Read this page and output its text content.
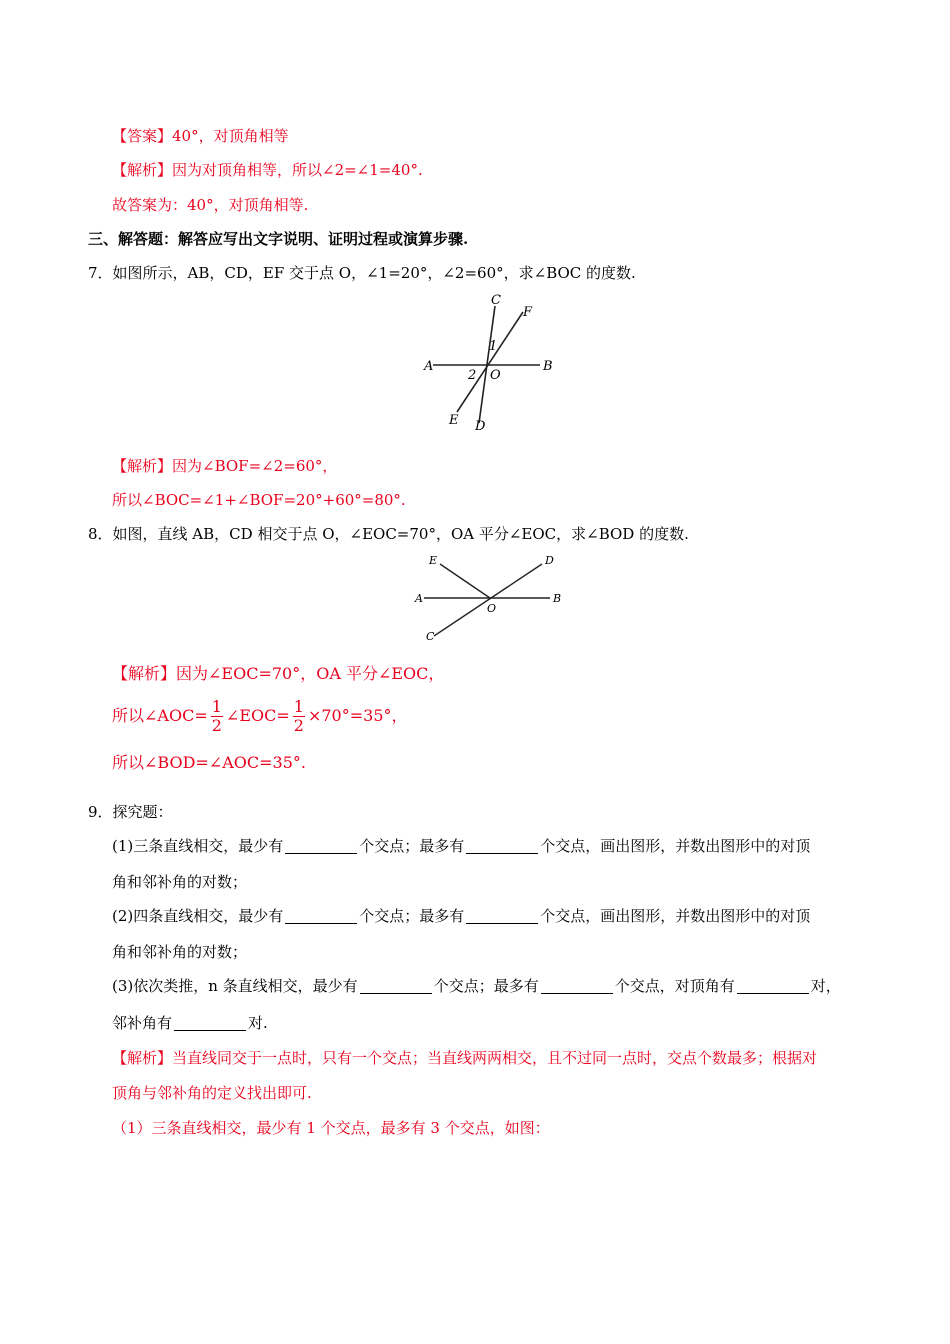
【答案】40°，对顶角相等
【解析】因为对顶角相等，所以∠2=∠1=40°.
故答案为：40°，对顶角相等.
三、解答题：解答应写出文字说明、证明过程或演算步骤.
7．如图所示，AB，CD，EF 交于点 O，∠1=20°，∠2=60°，求∠BOC 的度数.
C
F
A	B
O
1
2
E D
【解析】因为∠BOF=∠2=60°，
所以∠BOC=∠1+∠BOF=20°+60°=80°.
8．如图，直线 AB，CD 相交于点 O，∠EOC=70°，OA 平分∠EOC，求∠BOD 的度数.
E	D
A	B
O
C
【解析】因为∠EOC=70°，OA 平分∠EOC，
所以∠AOC= $\frac{1}{2}$ ∠EOC= $\frac{1}{2} \times 70^\circ=35^\circ$，
所以∠BOD=∠AOC=35°.
9．探究题：
(1)三条直线相交，最少有	个交点；最多有	个交点，画出图形，并数出图形中的对顶
角和邻补角的对数；
(2)四条直线相交，最少有	个交点；最多有	个交点，画出图形，并数出图形中的对顶
角和邻补角的对数；
(3)依次类推，n 条直线相交，最少有	个交点；最多有	个交点，对顶角有	对，
邻补角有	对.
【解析】当直线同交于一点时，只有一个交点；当直线两两相交，且不过同一点时，交点个数最多；根据对
顶角与邻补角的定义找出即可.
（1）三条直线相交，最少有 1 个交点，最多有 3 个交点，如图：
